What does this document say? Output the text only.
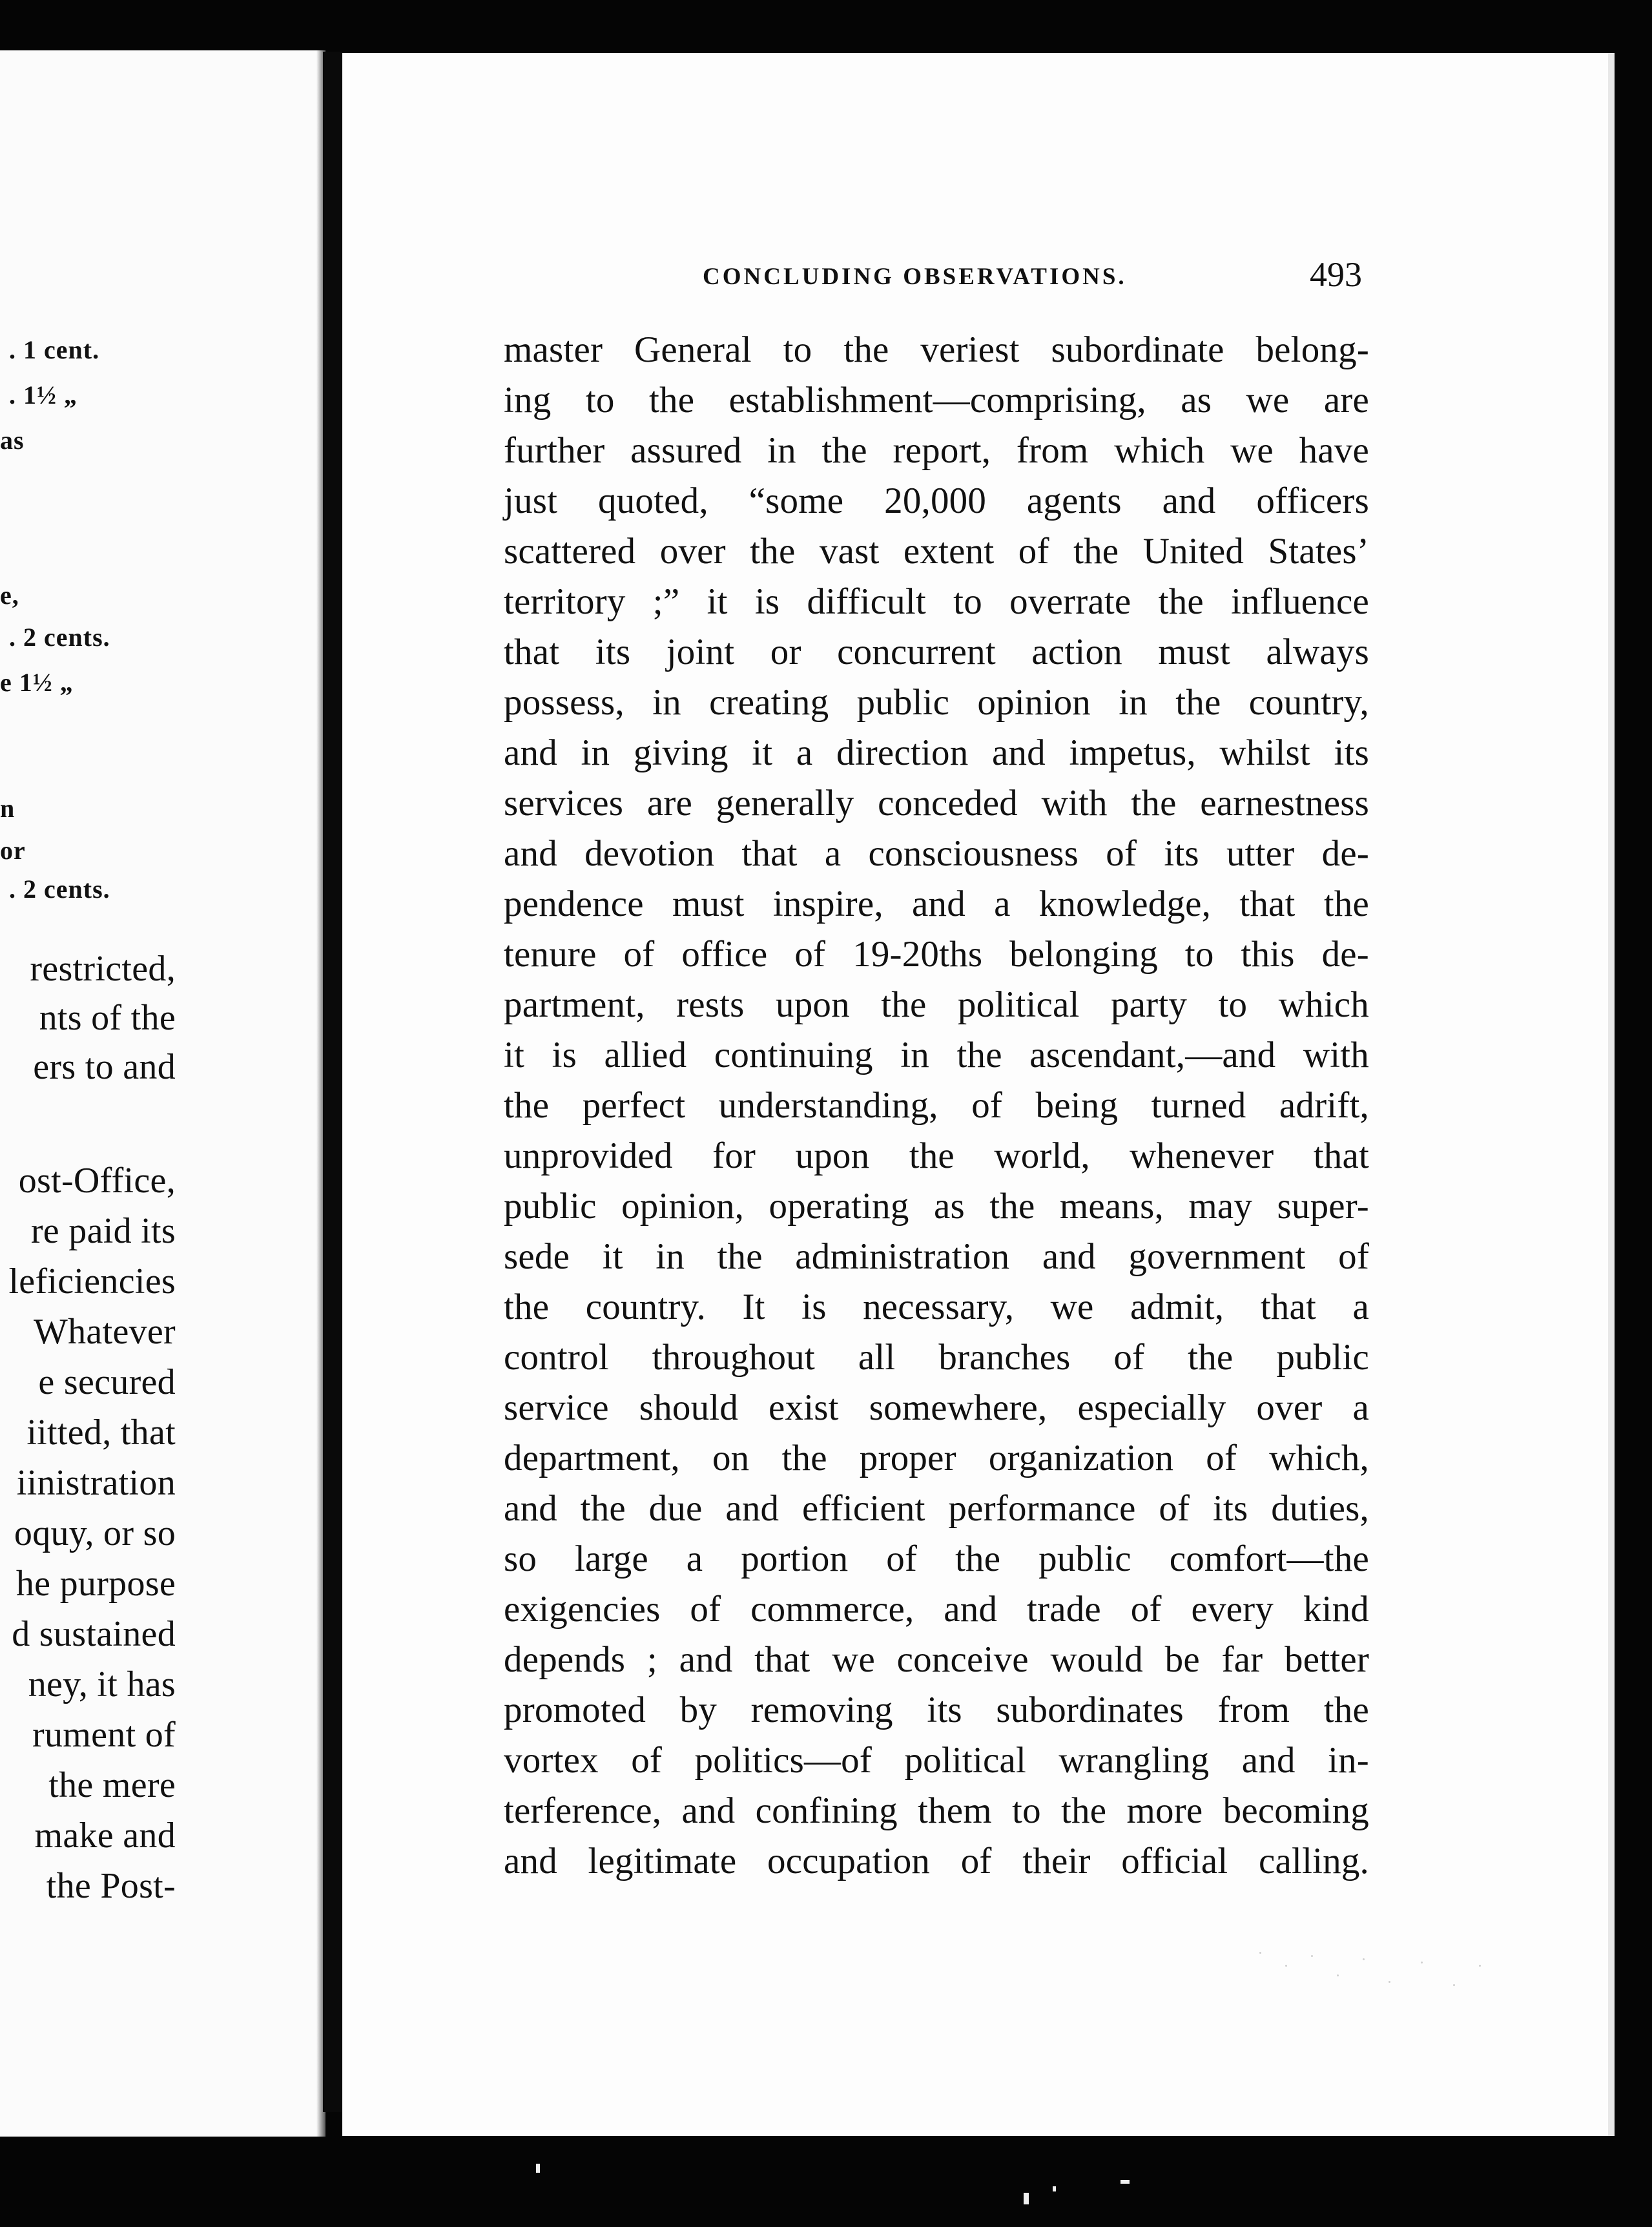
. 1 cent.
. 1½ „
as
e,
. 2 cents.
e 1½ „
n
or
. 2 cents.
restricted,
nts of the
ers to and
ost-Office,
re paid its
leficiencies
Whatever
e secured
iitted, that
iinistration
oquy, or so
he purpose
d sustained
ney, it has
rument of
the mere
make and
the Post-
CONCLUDING OBSERVATIONS.	493
master General to the veriest subordinate belong-
ing to the establishment—comprising, as we are
further assured in the report, from which we have
just quoted, “some 20,000 agents and officers
scattered over the vast extent of the United States’
territory ;” it is difficult to overrate the influence
that its joint or concurrent action must always
possess, in creating public opinion in the country,
and in giving it a direction and impetus, whilst its
services are generally conceded with the earnestness
and devotion that a consciousness of its utter de-
pendence must inspire, and a knowledge, that the
tenure of office of 19-20ths belonging to this de-
partment, rests upon the political party to which
it is allied continuing in the ascendant,—and with
the perfect understanding, of being turned adrift,
unprovided for upon the world, whenever that
public opinion, operating as the means, may super-
sede it in the administration and government of
the country. It is necessary, we admit, that a
control throughout all branches of the public
service should exist somewhere, especially over a
department, on the proper organization of which,
and the due and efficient performance of its duties,
so large a portion of the public comfort—the
exigencies of commerce, and trade of every kind
depends ; and that we conceive would be far better
promoted by removing its subordinates from the
vortex of politics—of political wrangling and in-
terference, and confining them to the more becoming
and legitimate occupation of their official calling.
